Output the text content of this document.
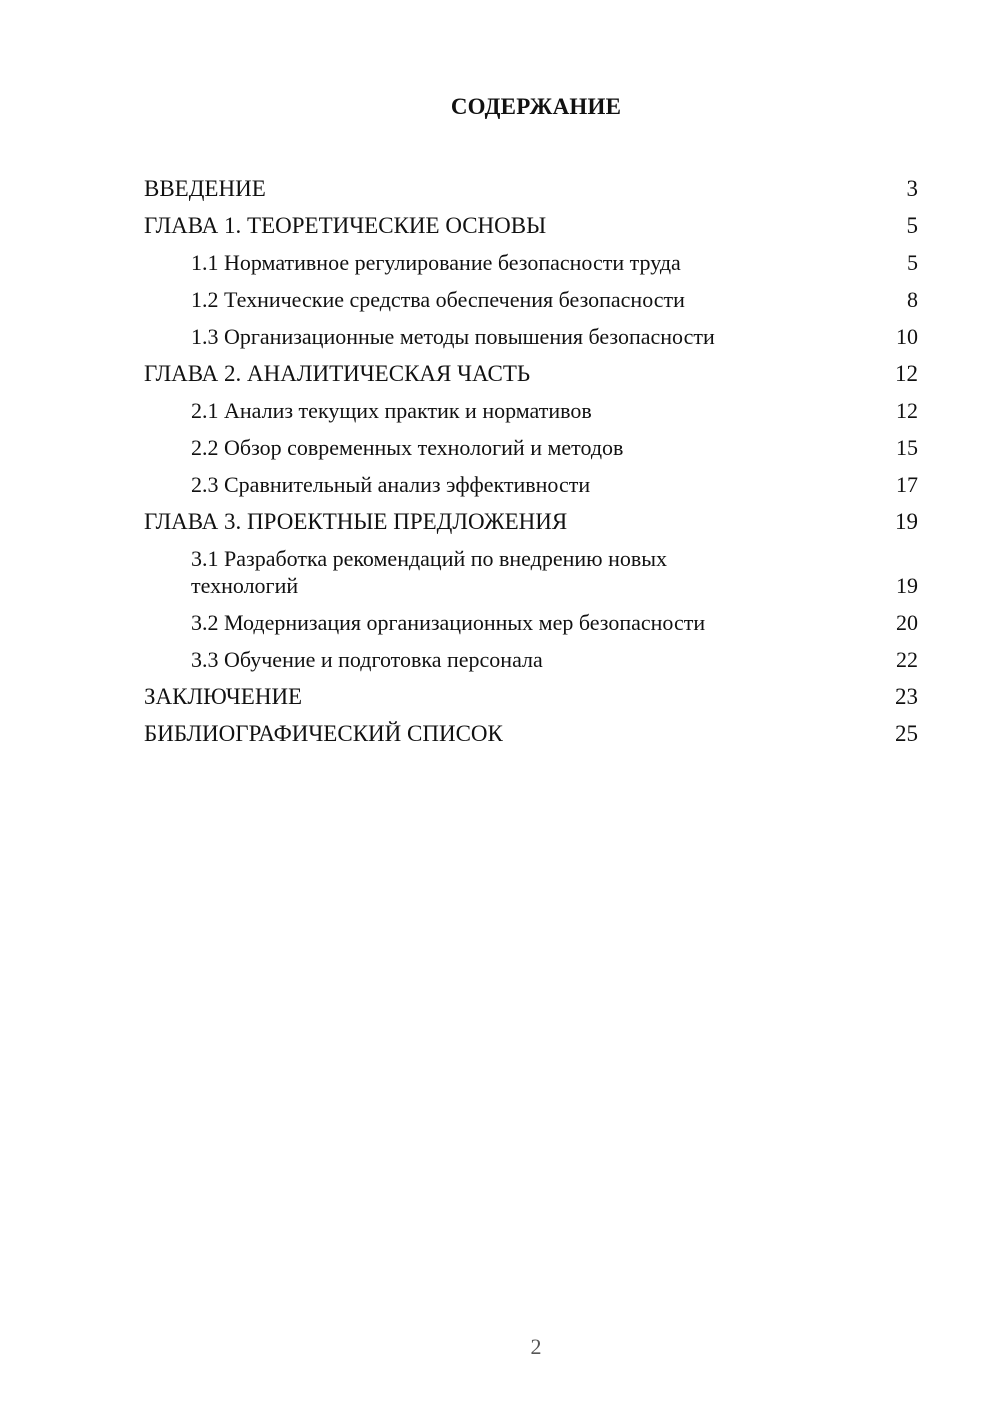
СОДЕРЖАНИЕ
ВВЕДЕНИЕ	3
ГЛАВА 1. ТЕОРЕТИЧЕСКИЕ ОСНОВЫ	5
1.1 Нормативное регулирование безопасности труда	5
1.2 Технические средства обеспечения безопасности	8
1.3 Организационные методы повышения безопасности	10
ГЛАВА 2. АНАЛИТИЧЕСКАЯ ЧАСТЬ	12
2.1 Анализ текущих практик и нормативов	12
2.2 Обзор современных технологий и методов	15
2.3 Сравнительный анализ эффективности	17
ГЛАВА 3. ПРОЕКТНЫЕ ПРЕДЛОЖЕНИЯ	19
3.1 Разработка рекомендаций по внедрению новых технологий	19
3.2 Модернизация организационных мер безопасности	20
3.3 Обучение и подготовка персонала	22
ЗАКЛЮЧЕНИЕ	23
БИБЛИОГРАФИЧЕСКИЙ СПИСОК	25
2
